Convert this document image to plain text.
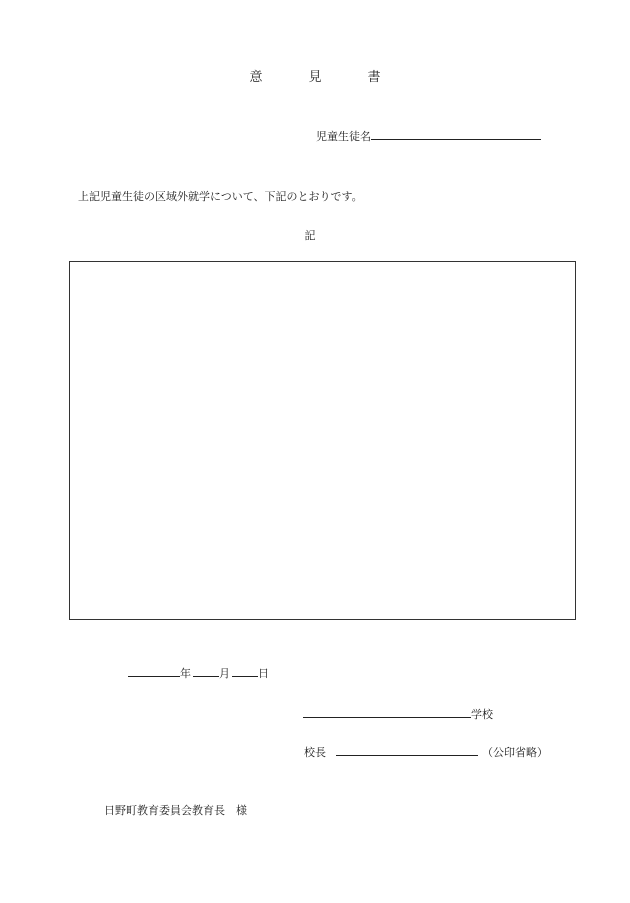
意	見	書
児童生徒名
上記児童生徒の区域外就学について、下記のとおりです。
記
年	月	日
学校
校長	（公印省略）
日野町教育委員会教育長　様
